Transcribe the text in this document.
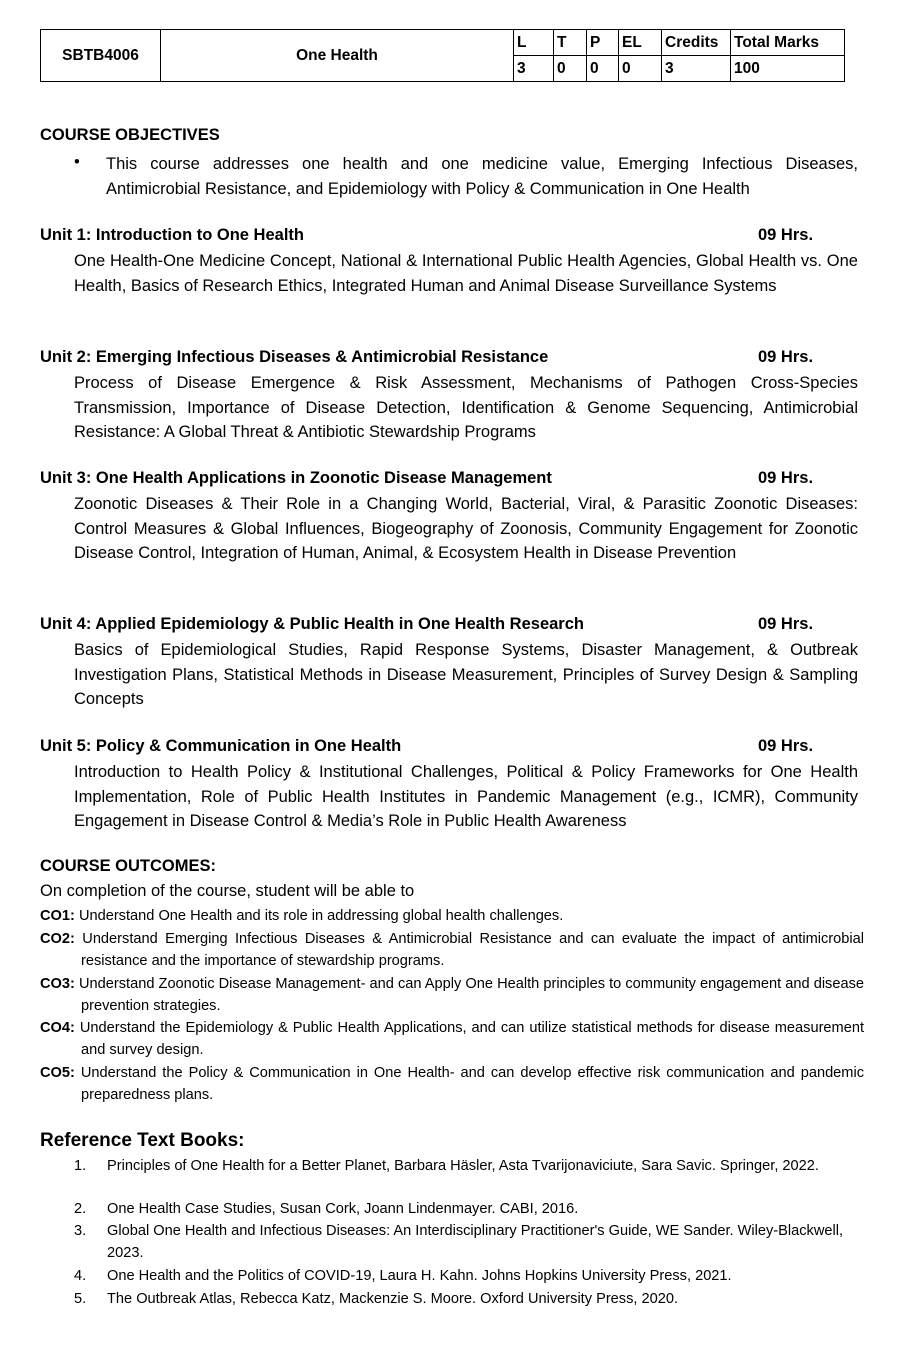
SBTB4006	One Health	L	T	P	EL	Credits	Total Marks
		3	0	0	0	3	100
COURSE OBJECTIVES
• This course addresses one health and one medicine value, Emerging Infectious Diseases, Antimicrobial Resistance, and Epidemiology with Policy & Communication in One Health
Unit 1: Introduction to One Health	09 Hrs.
One Health-One Medicine Concept, National & International Public Health Agencies, Global Health vs. One Health, Basics of Research Ethics, Integrated Human and Animal Disease Surveillance Systems
Unit 2: Emerging Infectious Diseases & Antimicrobial Resistance	09 Hrs.
Process of Disease Emergence & Risk Assessment, Mechanisms of Pathogen Cross-Species Transmission, Importance of Disease Detection, Identification & Genome Sequencing, Antimicrobial Resistance: A Global Threat & Antibiotic Stewardship Programs
Unit 3: One Health Applications in Zoonotic Disease Management	09 Hrs.
Zoonotic Diseases & Their Role in a Changing World, Bacterial, Viral, & Parasitic Zoonotic Diseases: Control Measures & Global Influences, Biogeography of Zoonosis, Community Engagement for Zoonotic Disease Control, Integration of Human, Animal, & Ecosystem Health in Disease Prevention
Unit 4: Applied Epidemiology & Public Health in One Health Research	09 Hrs.
Basics of Epidemiological Studies, Rapid Response Systems, Disaster Management, & Outbreak Investigation Plans, Statistical Methods in Disease Measurement, Principles of Survey Design & Sampling Concepts
Unit 5: Policy & Communication in One Health	09 Hrs.
Introduction to Health Policy & Institutional Challenges, Political & Policy Frameworks for One Health Implementation, Role of Public Health Institutes in Pandemic Management (e.g., ICMR), Community Engagement in Disease Control & Media’s Role in Public Health Awareness
COURSE OUTCOMES:
On completion of the course, student will be able to
CO1: Understand One Health and its role in addressing global health challenges.
CO2: Understand Emerging Infectious Diseases & Antimicrobial Resistance and can evaluate the impact of antimicrobial resistance and the importance of stewardship programs.
CO3: Understand Zoonotic Disease Management- and can Apply One Health principles to community engagement and disease prevention strategies.
CO4: Understand the Epidemiology & Public Health Applications, and can utilize statistical methods for disease measurement and survey design.
CO5: Understand the Policy & Communication in One Health- and can develop effective risk communication and pandemic preparedness plans.
Reference Text Books:
1.	Principles of One Health for a Better Planet, Barbara Häsler, Asta Tvarijonaviciute, Sara Savic. Springer, 2022.
2.	One Health Case Studies, Susan Cork, Joann Lindenmayer. CABI, 2016.
3.	Global One Health and Infectious Diseases: An Interdisciplinary Practitioner's Guide, WE Sander. Wiley-Blackwell, 2023.
4.	One Health and the Politics of COVID-19, Laura H. Kahn. Johns Hopkins University Press, 2021.
5.	The Outbreak Atlas, Rebecca Katz, Mackenzie S. Moore. Oxford University Press, 2020.
